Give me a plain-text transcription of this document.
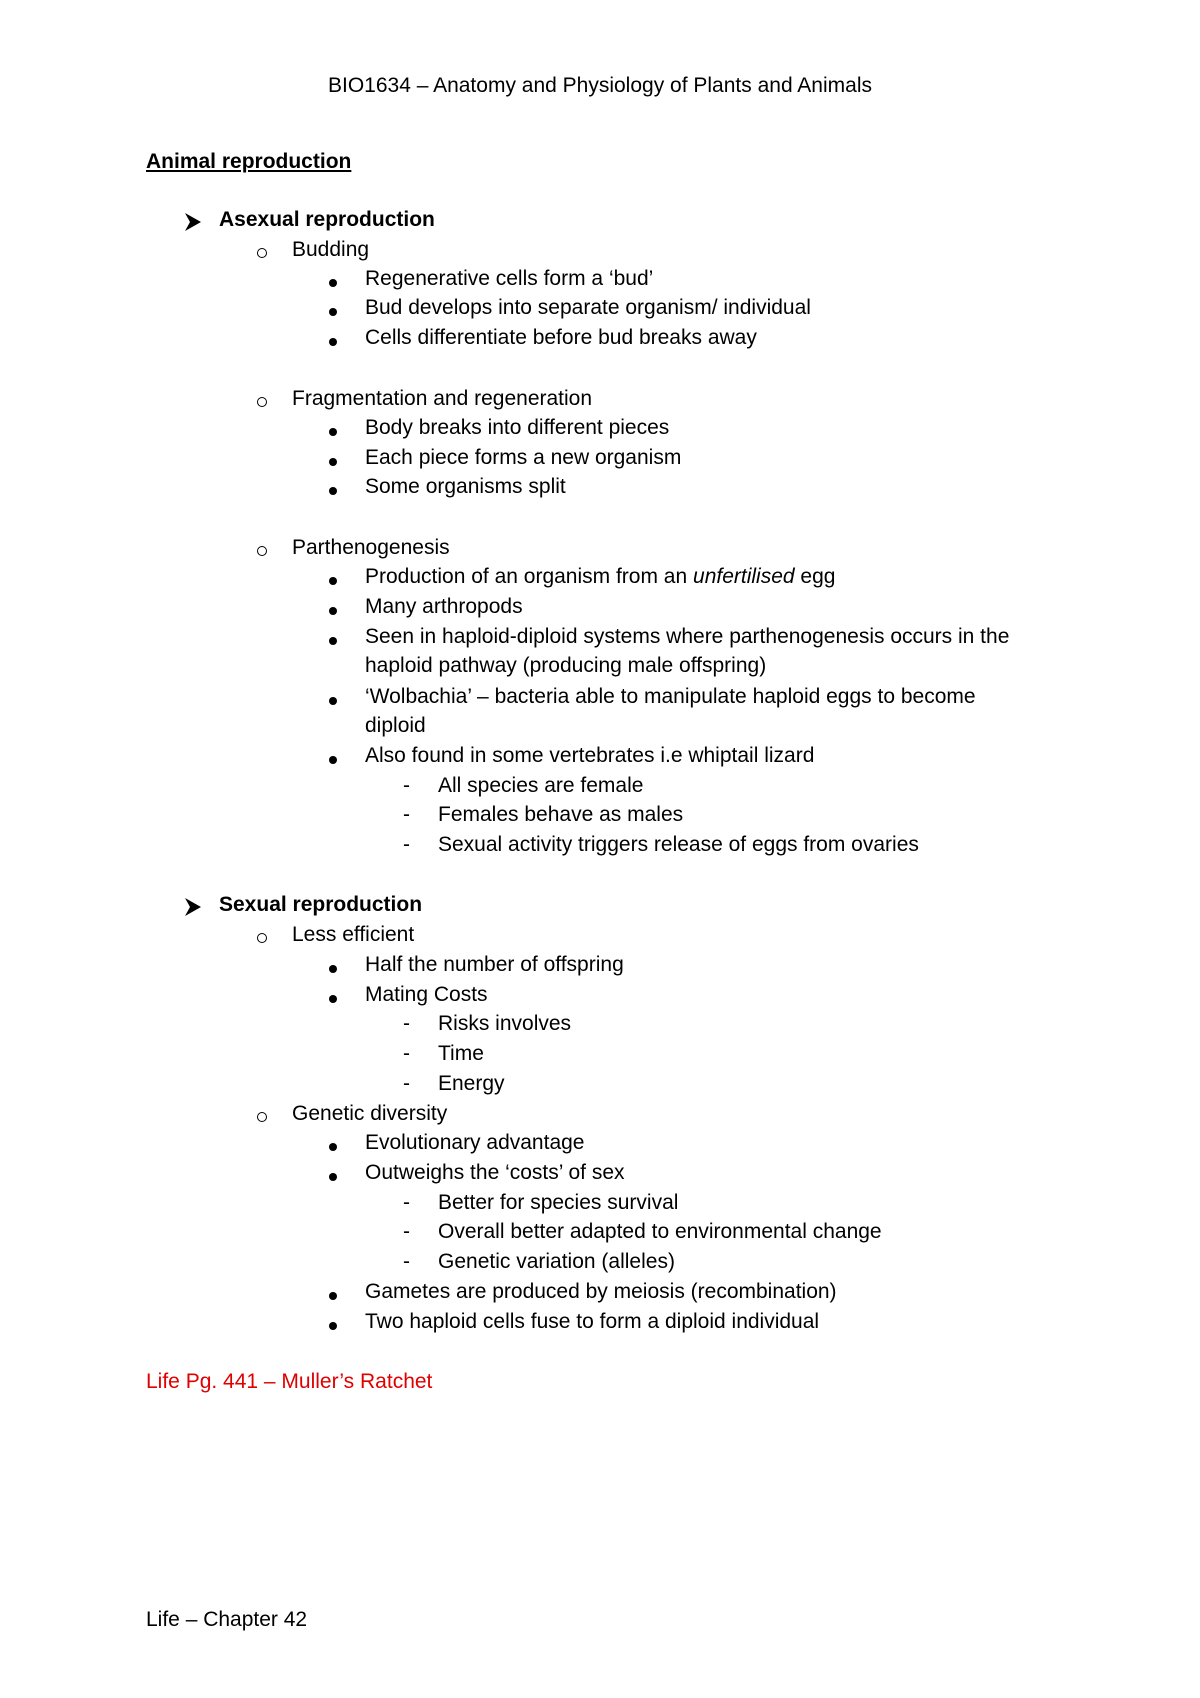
BIO1634 – Anatomy and Physiology of Plants and Animals
Animal reproduction
Asexual reproduction
Budding
Regenerative cells form a ‘bud’
Bud develops into separate organism/ individual
Cells differentiate before bud breaks away
Fragmentation and regeneration
Body breaks into different pieces
Each piece forms a new organism
Some organisms split
Parthenogenesis
Production of an organism from an unfertilised egg
Many arthropods
Seen in haploid-diploid systems where parthenogenesis occurs in the
haploid pathway (producing male offspring)
‘Wolbachia’ – bacteria able to manipulate haploid eggs to become
diploid
Also found in some vertebrates i.e whiptail lizard
- All species are female
- Females behave as males
- Sexual activity triggers release of eggs from ovaries
Sexual reproduction
Less efficient
Half the number of offspring
Mating Costs
- Risks involves
- Time
- Energy
Genetic diversity
Evolutionary advantage
Outweighs the ‘costs’ of sex
- Better for species survival
- Overall better adapted to environmental change
- Genetic variation (alleles)
Gametes are produced by meiosis (recombination)
Two haploid cells fuse to form a diploid individual
Life Pg. 441 – Muller’s Ratchet
Life – Chapter 42
